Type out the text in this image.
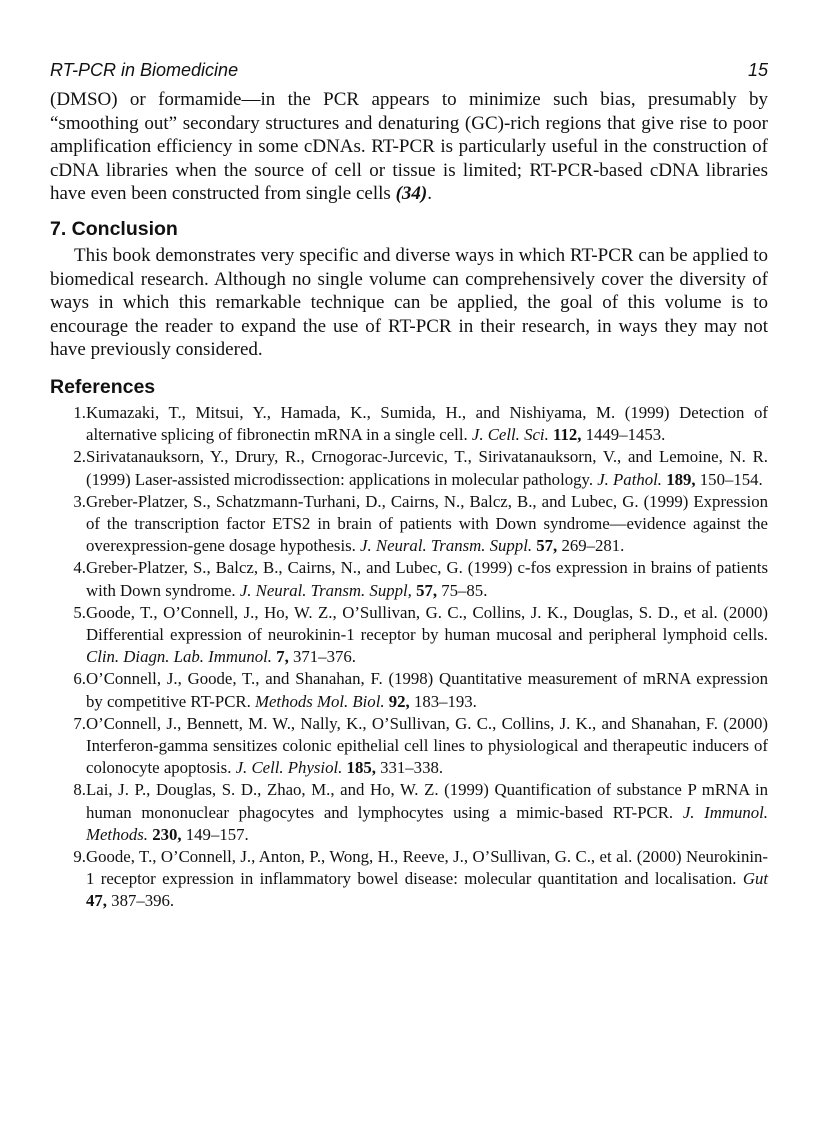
RT-PCR in Biomedicine	15

(DMSO) or formamide—in the PCR appears to minimize such bias, presumably by “smoothing out” secondary structures and denaturing (GC)-rich regions that give rise to poor amplification efficiency in some cDNAs. RT-PCR is particularly useful in the construction of cDNA libraries when the source of cell or tissue is limited; RT-PCR-based cDNA libraries have even been constructed from single cells (34).

7. Conclusion

This book demonstrates very specific and diverse ways in which RT-PCR can be applied to biomedical research. Although no single volume can comprehensively cover the diversity of ways in which this remarkable technique can be applied, the goal of this volume is to encourage the reader to expand the use of RT-PCR in their research, in ways they may not have previously considered.

References
1. Kumazaki, T., Mitsui, Y., Hamada, K., Sumida, H., and Nishiyama, M. (1999) Detection of alternative splicing of fibronectin mRNA in a single cell. J. Cell. Sci. 112, 1449–1453.
2. Sirivatanauksorn, Y., Drury, R., Crnogorac-Jurcevic, T., Sirivatanauksorn, V., and Lemoine, N. R. (1999) Laser-assisted microdissection: applications in molecular pathology. J. Pathol. 189, 150–154.
3. Greber-Platzer, S., Schatzmann-Turhani, D., Cairns, N., Balcz, B., and Lubec, G. (1999) Expression of the transcription factor ETS2 in brain of patients with Down syndrome—evidence against the overexpression-gene dosage hypothesis. J. Neural. Transm. Suppl. 57, 269–281.
4. Greber-Platzer, S., Balcz, B., Cairns, N., and Lubec, G. (1999) c-fos expression in brains of patients with Down syndrome. J. Neural. Transm. Suppl, 57, 75–85.
5. Goode, T., O’Connell, J., Ho, W. Z., O’Sullivan, G. C., Collins, J. K., Douglas, S. D., et al. (2000) Differential expression of neurokinin-1 receptor by human mucosal and peripheral lymphoid cells. Clin. Diagn. Lab. Immunol. 7, 371–376.
6. O’Connell, J., Goode, T., and Shanahan, F. (1998) Quantitative measurement of mRNA expression by competitive RT-PCR. Methods Mol. Biol. 92, 183–193.
7. O’Connell, J., Bennett, M. W., Nally, K., O’Sullivan, G. C., Collins, J. K., and Shanahan, F. (2000) Interferon-gamma sensitizes colonic epithelial cell lines to physiological and therapeutic inducers of colonocyte apoptosis. J. Cell. Physiol. 185, 331–338.
8. Lai, J. P., Douglas, S. D., Zhao, M., and Ho, W. Z. (1999) Quantification of substance P mRNA in human mononuclear phagocytes and lymphocytes using a mimic-based RT-PCR. J. Immunol. Methods. 230, 149–157.
9. Goode, T., O’Connell, J., Anton, P., Wong, H., Reeve, J., O’Sullivan, G. C., et al. (2000) Neurokinin-1 receptor expression in inflammatory bowel disease: molecular quantitation and localisation. Gut 47, 387–396.
